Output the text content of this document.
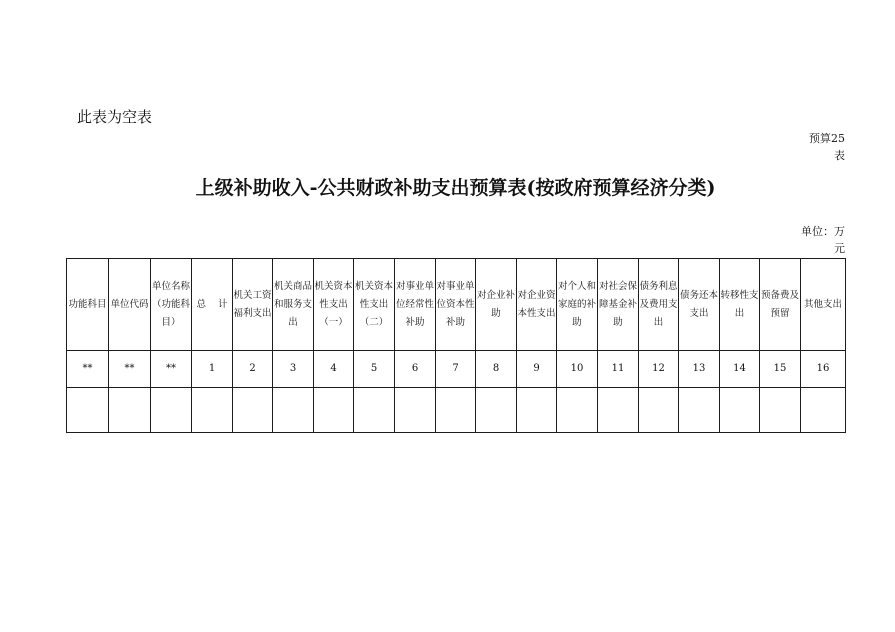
此表为空表
预算25表
上级补助收入-公共财政补助支出预算表(按政府预算经济分类)
单位：万元
功能科目	单位代码	单位名称（功能科目）	总 计	机关工资福利支出	机关商品和服务支出	机关资本性支出（一）	机关资本性支出（二）	对事业单位经常性补助	对事业单位资本性补助	对企业补助	对企业资本性支出	对个人和家庭的补助	对社会保障基金补助	债务利息及费用支出	债务还本支出	转移性支出	预备费及预留	其他支出
**	**	**	1	2	3	4	5	6	7	8	9	10	11	12	13	14	15	16
